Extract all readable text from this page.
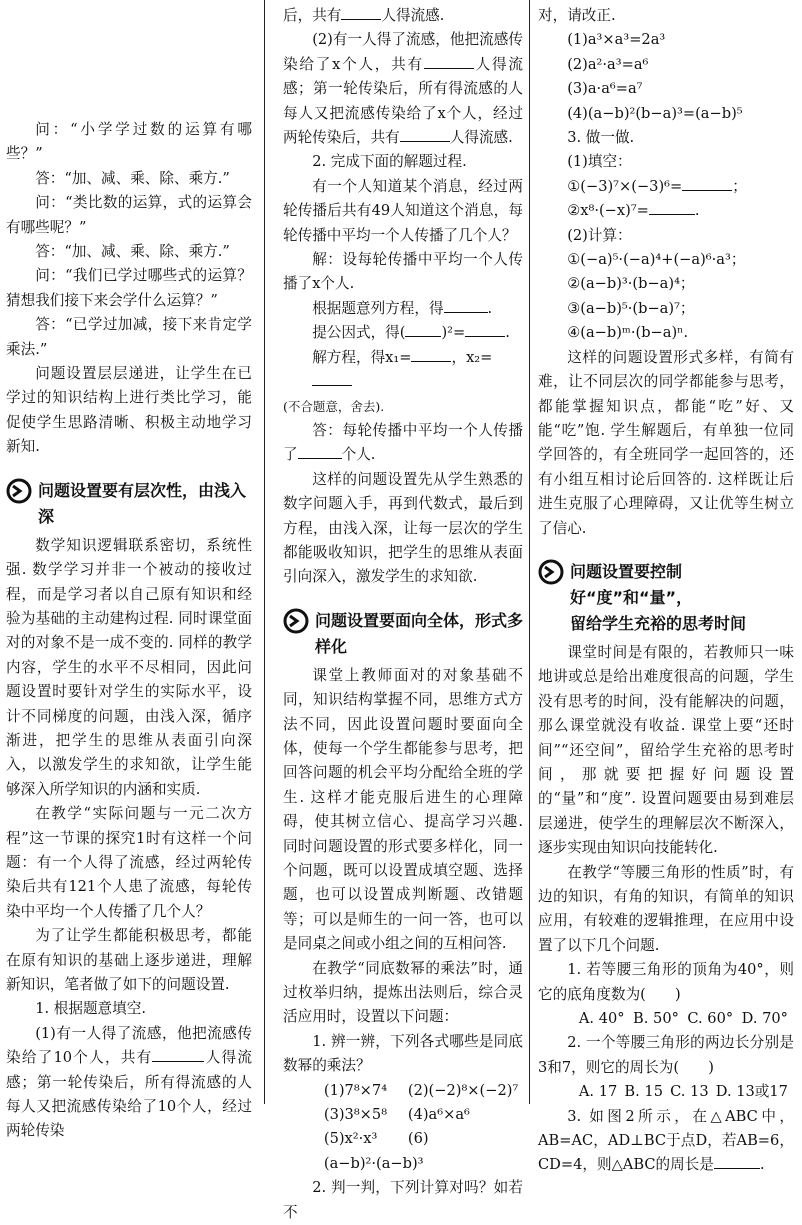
问：“小学学过数的运算有哪些？”
答：“加、减、乘、除、乘方.”
问：“类比数的运算，式的运算会有哪些呢？”
答：“加、减、乘、除、乘方.”
问：“我们已学过哪些式的运算？猜想我们接下来会学什么运算？”
答：“已学过加减，接下来肯定学乘法.”
问题设置层层递进，让学生在已学过的知识结构上进行类比学习，能促使学生思路清晰、积极主动地学习新知.
问题设置要有层次性，由浅入深
数学知识逻辑联系密切，系统性强. 数学学习并非一个被动的接收过程，而是学习者以自己原有知识和经验为基础的主动建构过程. 同时课堂面对的对象不是一成不变的. 同样的教学内容，学生的水平不尽相同，因此问题设置时要针对学生的实际水平，设计不同梯度的问题，由浅入深，循序渐进，把学生的思维从表面引向深入，以激发学生的求知欲，让学生能够深入所学知识的内涵和实质.
在教学“实际问题与一元二次方程”这一节课的探究1时有这样一个问题：有一个人得了流感，经过两轮传染后共有121个人患了流感，每轮传染中平均一个人传播了几个人？
为了让学生都能积极思考，都能在原有知识的基础上逐步递进，理解新知识，笔者做了如下的问题设置.
1. 根据题意填空.
(1)有一人得了流感，他把流感传染给了10个人，共有	人得流感；第一轮传染后，所有得流感的人每人又把流感传染给了10个人，经过两轮传染
后，共有	人得流感.
(2)有一人得了流感，他把流感传染给了x个人，共有	人得流感；第一轮传染后，所有得流感的人每人又把流感传染给了x个人，经过两轮传染后，共有	人得流感.
2. 完成下面的解题过程.
有一个人知道某个消息，经过两轮传播后共有49人知道这个消息，每轮传播中平均一个人传播了几个人？
解：设每轮传播中平均一个人传播了x个人.
根据题意列方程，得	.
提公因式，得( )²=	.
解方程，得x₁=	，x₂=
(不合题意，舍去).
答：每轮传播中平均一个人传播了	个人.
这样的问题设置先从学生熟悉的数字问题入手，再到代数式，最后到方程，由浅入深，让每一层次的学生都能吸收知识，把学生的思维从表面引向深入，激发学生的求知欲.
问题设置要面向全体，形式多样化
课堂上教师面对的对象基础不同，知识结构掌握不同，思维方式方法不同，因此设置问题时要面向全体，使每一个学生都能参与思考，把回答问题的机会平均分配给全班的学生. 这样才能克服后进生的心理障碍，使其树立信心、提高学习兴趣. 同时问题设置的形式要多样化，同一个问题，既可以设置成填空题、选择题，也可以设置成判断题、改错题等；可以是师生的一问一答，也可以是同桌之间或小组之间的互相问答.
在教学“同底数幂的乘法”时，通过枚举归纳，提炼出法则后，综合灵活应用时，设置以下问题：
1. 辨一辨，下列各式哪些是同底数幂的乘法？
(1)7⁸×7⁴ (2)(−2)⁸×(−2)⁷
(3)3⁸×5⁸ (4)a⁶×a⁶
(5)x²·x³ (6)(a−b)²·(a−b)³
2. 判一判，下列计算对吗？如若不
对，请改正.
(1)a³×a³=2a³
(2)a²·a³=a⁶
(3)a·a⁶=a⁷
(4)(a−b)²(b−a)³=(a−b)⁵
3. 做一做.
(1)填空：
①(−3)⁷×(−3)⁶=	；
②x⁸·(−x)⁷=	.
(2)计算：
①(−a)⁵·(−a)⁴+(−a)⁶·a³；
②(a−b)³·(b−a)⁴；
③(a−b)⁵·(b−a)⁷；
④(a−b)ᵐ·(b−a)ⁿ.
这样的问题设置形式多样，有简有难，让不同层次的同学都能参与思考，都能掌握知识点，都能“吃”好、又能“吃”饱. 学生解题后，有单独一位同学回答的，有全班同学一起回答的，还有小组互相讨论后回答的. 这样既让后进生克服了心理障碍，又让优等生树立了信心.
问题设置要控制好“度”和“量”，
留给学生充裕的思考时间
课堂时间是有限的，若教师只一味地讲或总是给出难度很高的问题，学生没有思考的时间，没有能解决的问题，那么课堂就没有收益. 课堂上要“还时间”“还空间”，留给学生充裕的思考时间，那就要把握好问题设置的“量”和“度”. 设置问题要由易到难层层递进，使学生的理解层次不断深入，逐步实现由知识向技能转化.
在教学“等腰三角形的性质”时，有边的知识，有角的知识，有简单的知识应用，有较难的逻辑推理，在应用中设置了以下几个问题.
1. 若等腰三角形的顶角为40°，则它的底角度数为(　　)
A. 40° B. 50° C. 60° D. 70°
2. 一个等腰三角形的两边长分别是3和7，则它的周长为(　　)
A. 17 B. 15 C. 13 D. 13或17
3. 如图2所示，在△ABC中，AB=AC，AD⊥BC于点D，若AB=6，CD=4，则△ABC的周长是	.
